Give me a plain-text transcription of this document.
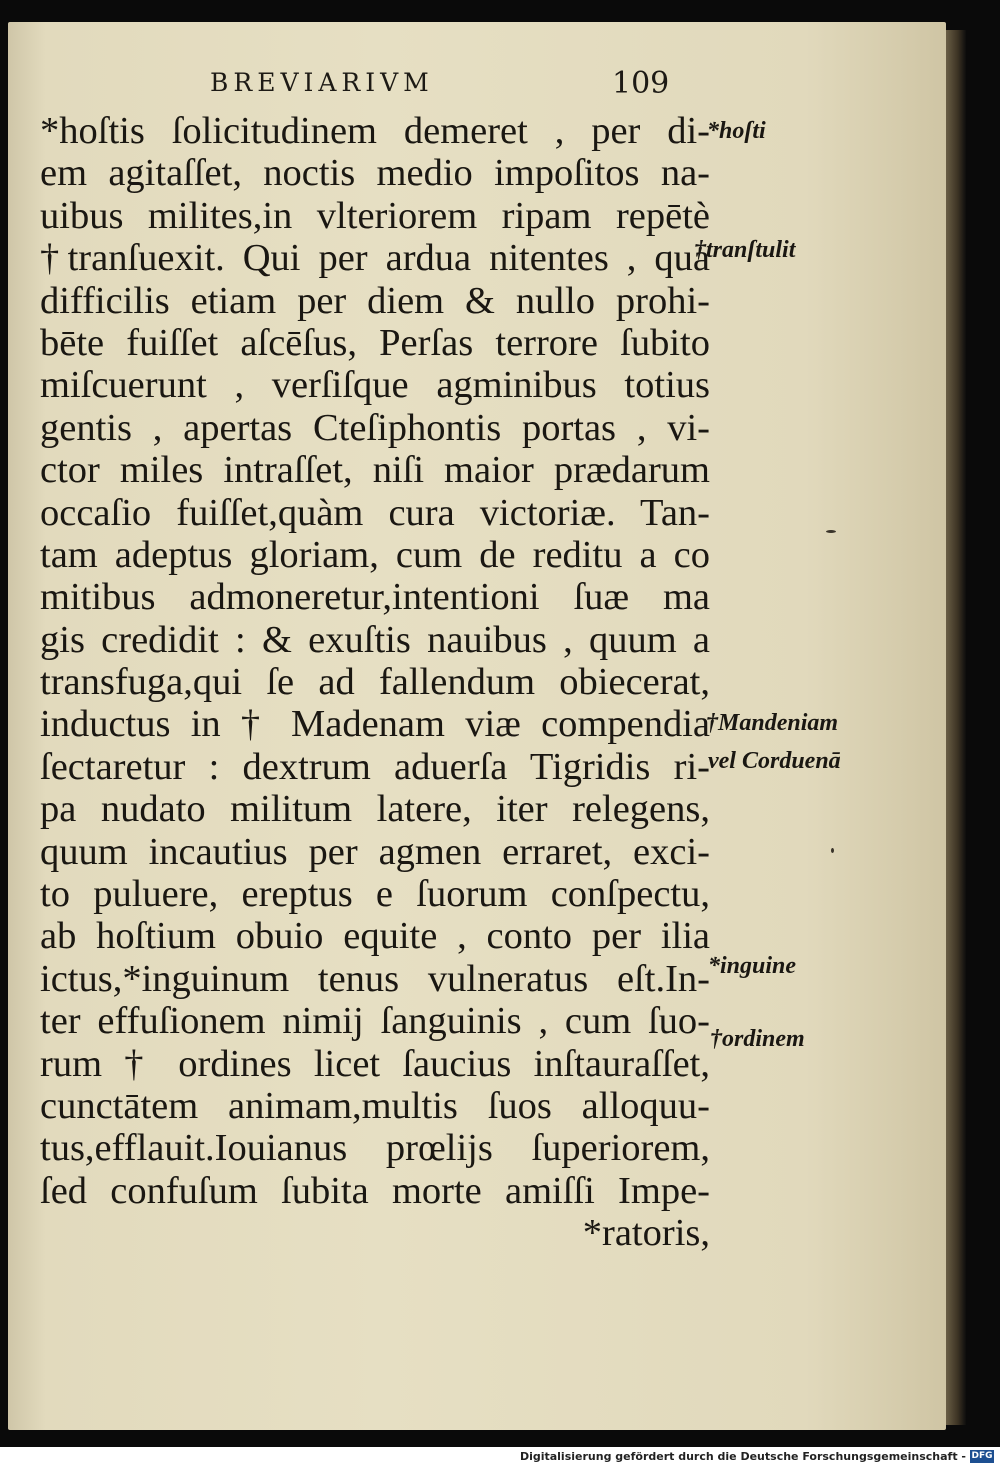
BREVIARIVM	109
*hoſtis ſolicitudinem demeret , per di-
em agitaſſet, noctis medio impoſitos na-
uibus milites,in vlteriorem ripam repētè
†tranſuexit. Qui per ardua nitentes , qua
difficilis etiam per diem & nullo prohi-
bēte fuiſſet aſcēſus, Perſas terrore ſubito
miſcuerunt , verſiſque agminibus totius
gentis , apertas Cteſiphontis portas , vi-
ctor miles intraſſet, niſi maior prædarum
occaſio fuiſſet,quàm cura victoriæ. Tan-
tam adeptus gloriam, cum de reditu a co
mitibus admoneretur,intentioni ſuæ ma
gis credidit : & exuſtis nauibus , quum a
transfuga,qui ſe ad fallendum obiecerat,
inductus in † Madenam viæ compendia
ſectaretur : dextrum aduerſa Tigridis ri-
pa nudato militum latere, iter relegens,
quum incautius per agmen erraret, exci-
to puluere, ereptus e ſuorum conſpectu,
ab hoſtium obuio equite , conto per ilia
ictus,*inguinum tenus vulneratus eſt.In-
ter effuſionem nimij ſanguinis , cum ſuo-
rum † ordines licet ſaucius inſtauraſſet,
cunctātem animam,multis ſuos alloquu-
tus,efflauit.Iouianus prœlijs ſuperiorem,
ſed confuſum ſubita morte amiſſi Impe-
*ratoris,
*hoſti
†tranſtulit
†Mandeniam
vel Corduenā
*inguine
†ordinem
Digitalisierung gefördert durch die Deutsche Forschungsgemeinschaft - DFG
